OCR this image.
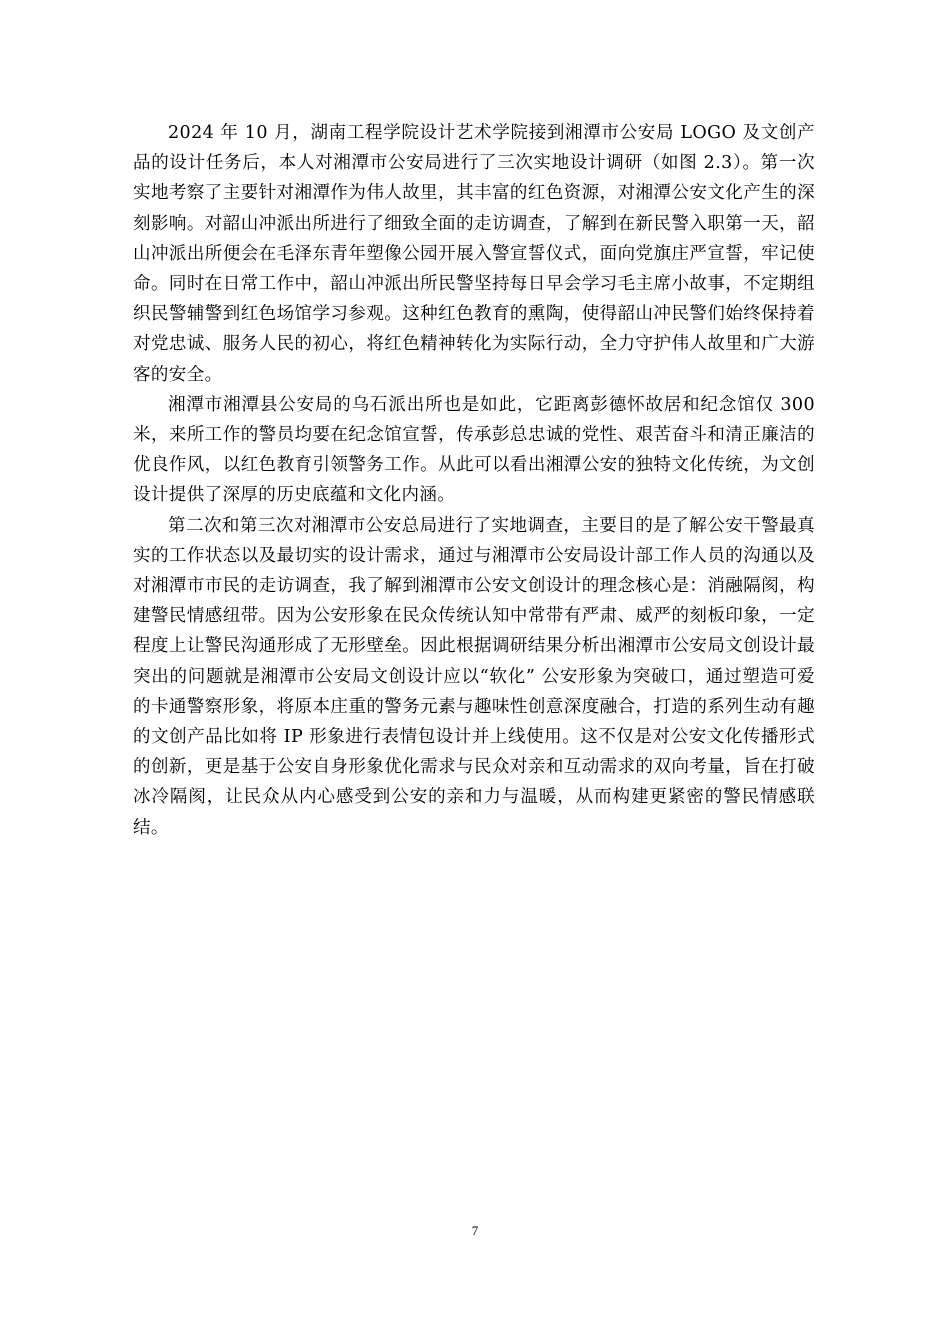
2024 年 10 月，湖南工程学院设计艺术学院接到湘潭市公安局 LOGO 及文创产品的设计任务后，本人对湘潭市公安局进行了三次实地设计调研（如图 2.3）。第一次实地考察了主要针对湘潭作为伟人故里，其丰富的红色资源，对湘潭公安文化产生的深刻影响。对韶山冲派出所进行了细致全面的走访调查，了解到在新民警入职第一天，韶山冲派出所便会在毛泽东青年塑像公园开展入警宣誓仪式，面向党旗庄严宣誓，牢记使命。同时在日常工作中，韶山冲派出所民警坚持每日早会学习毛主席小故事，不定期组织民警辅警到红色场馆学习参观。这种红色教育的熏陶，使得韶山冲民警们始终保持着对党忠诚、服务人民的初心，将红色精神转化为实际行动，全力守护伟人故里和广大游客的安全。

湘潭市湘潭县公安局的乌石派出所也是如此，它距离彭德怀故居和纪念馆仅 300 米，来所工作的警员均要在纪念馆宣誓，传承彭总忠诚的党性、艰苦奋斗和清正廉洁的优良作风，以红色教育引领警务工作。从此可以看出湘潭公安的独特文化传统，为文创设计提供了深厚的历史底蕴和文化内涵。

第二次和第三次对湘潭市公安总局进行了实地调查，主要目的是了解公安干警最真实的工作状态以及最切实的设计需求，通过与湘潭市公安局设计部工作人员的沟通以及对湘潭市市民的走访调查，我了解到湘潭市公安文创设计的理念核心是：消融隔阂，构建警民情感纽带。因为公安形象在民众传统认知中常带有严肃、威严的刻板印象，一定程度上让警民沟通形成了无形壁垒。因此根据调研结果分析出湘潭市公安局文创设计最突出的问题就是湘潭市公安局文创设计应以“软化” 公安形象为突破口，通过塑造可爱的卡通警察形象，将原本庄重的警务元素与趣味性创意深度融合，打造的系列生动有趣的文创产品比如将 IP 形象进行表情包设计并上线使用。这不仅是对公安文化传播形式的创新，更是基于公安自身形象优化需求与民众对亲和互动需求的双向考量，旨在打破冰冷隔阂，让民众从内心感受到公安的亲和力与温暖，从而构建更紧密的警民情感联结。

7
